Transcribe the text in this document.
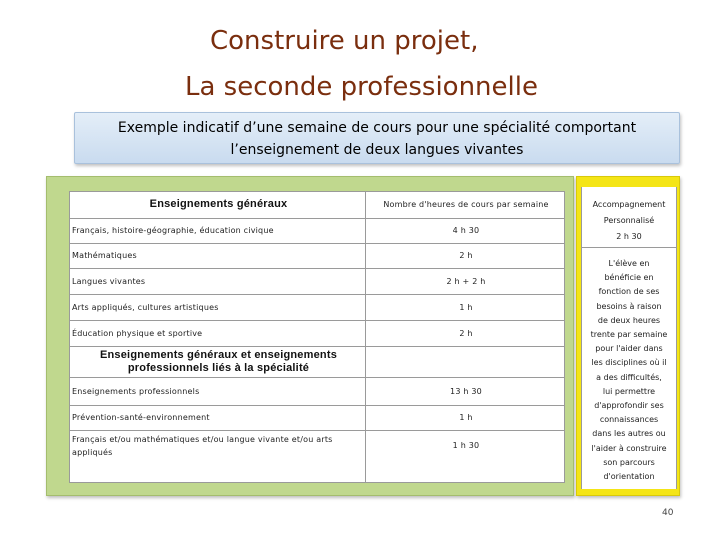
Construire un projet,
La seconde professionnelle
Exemple indicatif d’une semaine de cours pour une spécialité comportant
l’enseignement de deux langues vivantes
Enseignements généraux	Nombre d'heures de cours par semaine
Français, histoire-géographie, éducation civique	4 h 30
Mathématiques	2 h
Langues vivantes	2 h + 2 h
Arts appliqués, cultures artistiques	1 h
Éducation physique et sportive	2 h
Enseignements généraux et enseignements
professionnels liés à la spécialité	
Enseignements professionnels	13 h 30
Prévention-santé-environnement	1 h
Français et/ou mathématiques et/ou langue vivante et/ou arts
appliqués	1 h 30
Accompagnement
Personnalisé
2 h 30
L'élève en
bénéficie en
fonction de ses
besoins à raison
de deux heures
trente par semaine
pour l'aider dans
les disciplines où il
a des difficultés,
lui permettre
d'approfondir ses
connaissances
dans les autres ou
l'aider à construire
son parcours
d'orientation
40
